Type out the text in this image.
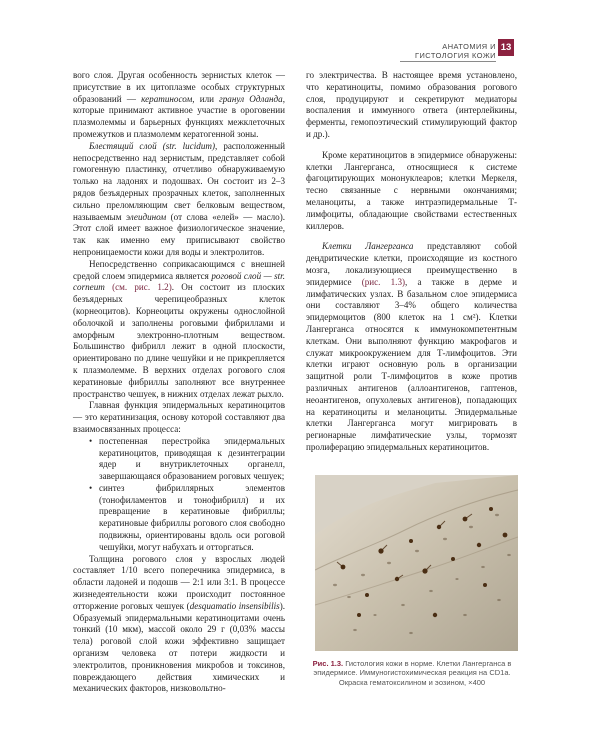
АНАТОМИЯ И ГИСТОЛОГИЯ КОЖИ
13

вого слоя. Другая особенность зернистых клеток — присутствие в их цитоплазме особых структурных образований — кератиносом, или гранул Одланда, которые принимают активное участие в ороговении плазмолеммы и барьерных функциях межклеточных промежутков и плазмолемм кератогенной зоны.

Блестящий слой (str. lucidum), расположенный непосредственно над зернистым, представляет собой гомогенную пластинку, отчетливо обнаруживаемую только на ладонях и подошвах. Он состоит из 2–3 рядов безъядерных прозрачных клеток, заполненных сильно преломляющим свет белковым веществом, называемым элеидином (от слова «елей» — масло). Этот слой имеет важное физиологическое значение, так как именно ему приписывают свойство непроницаемости кожи для воды и электролитов.

Непосредственно соприкасающимся с внешней средой слоем эпидермиса является роговой слой — str. corneum (см. рис. 1.2). Он состоит из плоских безъядерных черепицеобразных клеток (корнеоцитов). Корнеоциты окружены однослойной оболочкой и заполнены роговыми фибриллами и аморфным электронно-плотным веществом. Большинство фибрилл лежит в одной плоскости, ориентировано по длине чешуйки и не прикрепляется к плазмолемме. В верхних отделах рогового слоя кератиновые фибриллы заполняют все внутреннее пространство чешуек, в нижних отделах лежат рыхло.

Главная функция эпидермальных кератиноцитов — это кератинизация, основу которой составляют два взаимосвязанных процесса:

• постепенная перестройка эпидермальных кератиноцитов, приводящая к дезинтеграции ядер и внутриклеточных органелл, завершающаяся образованием роговых чешуек;
• синтез фибриллярных элементов (тонофиламентов и тонофибрилл) и их превращение в кератиновые фибриллы; кератиновые фибриллы рогового слоя свободно подвижны, ориентированы вдоль оси роговой чешуйки, могут набухать и отторгаться.

Толщина рогового слоя у взрослых людей составляет 1/10 всего поперечника эпидермиса, в области ладоней и подошв — 2:1 или 3:1. В процессе жизнедеятельности кожи происходит постоянное отторжение роговых чешуек (desquamatio insensibilis). Образуемый эпидермальными кератиноцитами очень тонкий (10 мкм), массой около 29 г (0,03% массы тела) роговой слой кожи эффективно защищает организм человека от потери жидкости и электролитов, проникновения микробов и токсинов, повреждающего действия химических и механических факторов, низковольтно-

го электричества. В настоящее время установлено, что кератиноциты, помимо образования рогового слоя, продуцируют и секретируют медиаторы воспаления и иммунного ответа (интерлейкины, ферменты, гемопоэтический стимулирующий фактор и др.).

Кроме кератиноцитов в эпидермисе обнаружены: клетки Лангерганса, относящиеся к системе фагоцитирующих мононуклеаров; клетки Меркеля, тесно связанные с нервными окончаниями; меланоциты, а также интраэпидермальные Т-лимфоциты, обладающие свойствами естественных киллеров.

Клетки Лангерганса представляют собой дендритические клетки, происходящие из костного мозга, локализующиеся преимущественно в эпидермисе (рис. 1.3), а также в дерме и лимфатических узлах. В базальном слое эпидермиса они составляют 3–4% общего количества эпидермоцитов (800 клеток на 1 см²). Клетки Лангерганса относятся к иммунокомпетентным клеткам. Они выполняют функцию макрофагов и служат микроокружением для Т-лимфоцитов. Эти клетки играют основную роль в организации защитной роли Т-лимфоцитов в коже против различных антигенов (аллоантигенов, гаптенов, неоантигенов, опухолевых антигенов), попадающих на кератиноциты и меланоциты. Эпидермальные клетки Лангерганса могут мигрировать в регионарные лимфатические узлы, тормозят пролиферацию эпидермальных кератиноцитов.

Рис. 1.3. Гистология кожи в норме. Клетки Лангерганса в эпидермисе. Иммуногистохимическая реакция на CD1a. Окраска гематоксилином и эозином, ×400
